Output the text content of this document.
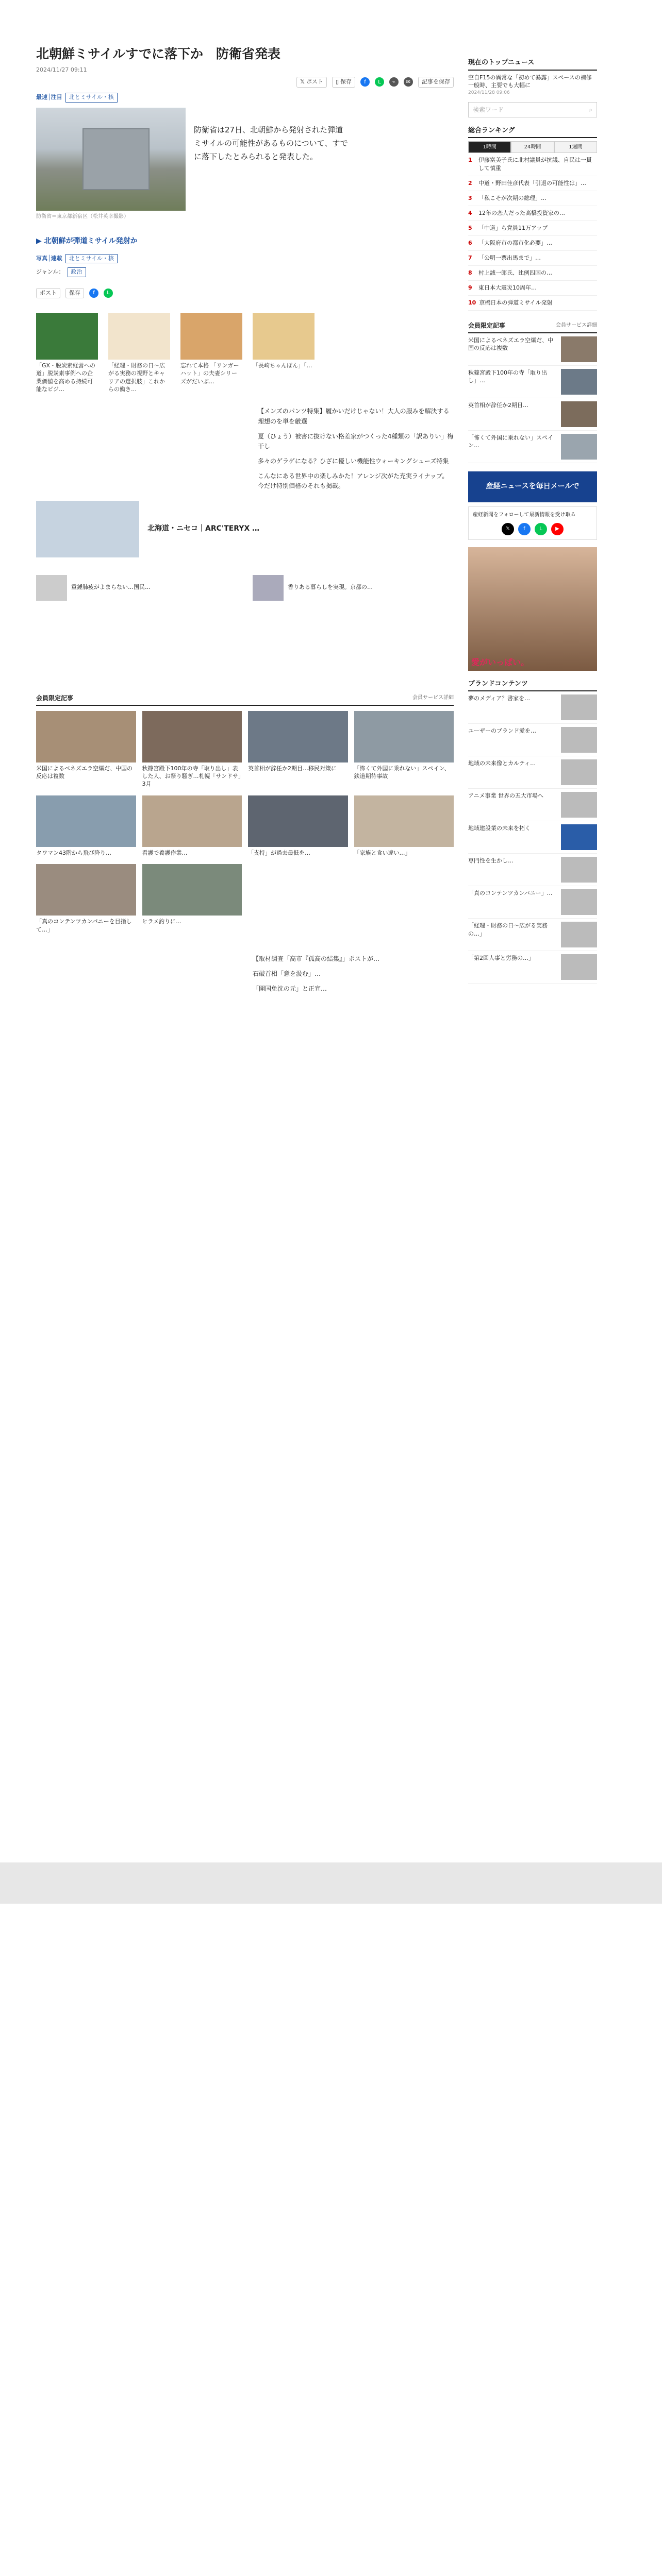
北朝鮮ミサイルすでに落下か　防衛省発表
2024/11/27 09:11
𝕏 ポスト ▯ 保存	f	L	⌁	✉	記事を保存
最速│注目	北とミサイル・核
防衛省＝東京都新宿区（松井英幸撮影）
防衛省は27日、北朝鮮から発射された弾道ミサイルの可能性があるものについて、すでに落下したとみられると発表した。
▶ 北朝鮮が弾道ミサイル発射か
写真│連載	北とミサイル・核
ジャンル：	政治
ポスト 保存	f	L
「GX・脱炭素経営への道」脱炭素事例への企業価値を高める持続可能なビジ…
「経理・財務の日～広がる実務の視野とキャリアの選択肢」これからの働き…
忘れて本格 「リンガーハット」の夫妻シリーズがだいぶ…
「長崎ちゃんぽん」「…
【メンズのパンツ特集】履かいだけじゃない！大人の服みを解決する理想のを単を厳選
夏（ひょう）被害に抜けない格差家がつくった4種類の「訳ありい」梅干し
多々のゲラゲになる？ひざに優しい機能性ウォーキングシューズ特集
こんなにある世界中の楽しみかた！アレンジ次がた充実ライナップ。今だけ特別価格のそれも掲載。
北海道・ニセコ｜ARC'TERYX …
重錘肺疲がよまらない…国民…	香りある暮らしを実現。京都の…
会員限定記事	会員サービス詳細
米国によるベネズエラ空爆だ、中国の反応は複数
秋篠宮殿下100年の寺「取り出し」表した人、お祭り騒ぎ…札幌「サンドサ」3月
英首相が辞任か2期目…移民対策に	「怖くて外国に乗れない」スペイン、鉄道期待事故
タワマン43階から飛び降り…	看護で養護作業…	「支持」が過去最低を…	「家族と食い違い…」
「真のコンテンツカンパニーを目指して…」
ヒラメ釣りに…
【取材調査「高市『孤高の結集』」ポストが…
石破首相「意を汲む」…
「開国免沈の元」と正宣…
現在のトップニュース
空自F15の異常な「初めて暴露」スペースの補修一般時、主要でも大幅に
2024/11/28 09:06
検索ワード	⌕
総合ランキング
1時間	24時間	1週間
1	伊藤富美子氏に北村議員が抗議、自民は一貫して慎重
2	中道・野田佳彦代表「引退の可能性は」…
3	「私こそが次期の総理」…
4	12年の恋人だった高橋投資家の…
5	「中道」ら党員11万アップ
6	「大阪府市の都市化必要」…
7	「公明一票出馬まで」…
8	村上誠一郎氏、比例四国の…
9	東日本大震災10周年…
10 京橋日本の弾道ミサイル発射
会員限定記事	会員サービス詳細
米国によるベネズエラ空爆だ、中国の反応は複数
秋篠宮殿下100年の寺「取り出し」…
英首相が辞任か2期目…
「怖くて外国に乗れない」スペイン…
産経ニュースを毎日メールで
産経新聞をフォローして最新情報を受け取る
𝕏	f	L	▶
愛がいっぱい。
ブランドコンテンツ
夢のメディア？書家を…
ユーザーのブランド愛を…
地域の未来像とカルティ…
アニメ事業 世界の五大市場へ
地域建設業の未来を拓く
専門性を生かし…
「真のコンテンツカンパニー」…
「経理・財務の日～広がる実務の…」
「第2回人事と労務の…」
